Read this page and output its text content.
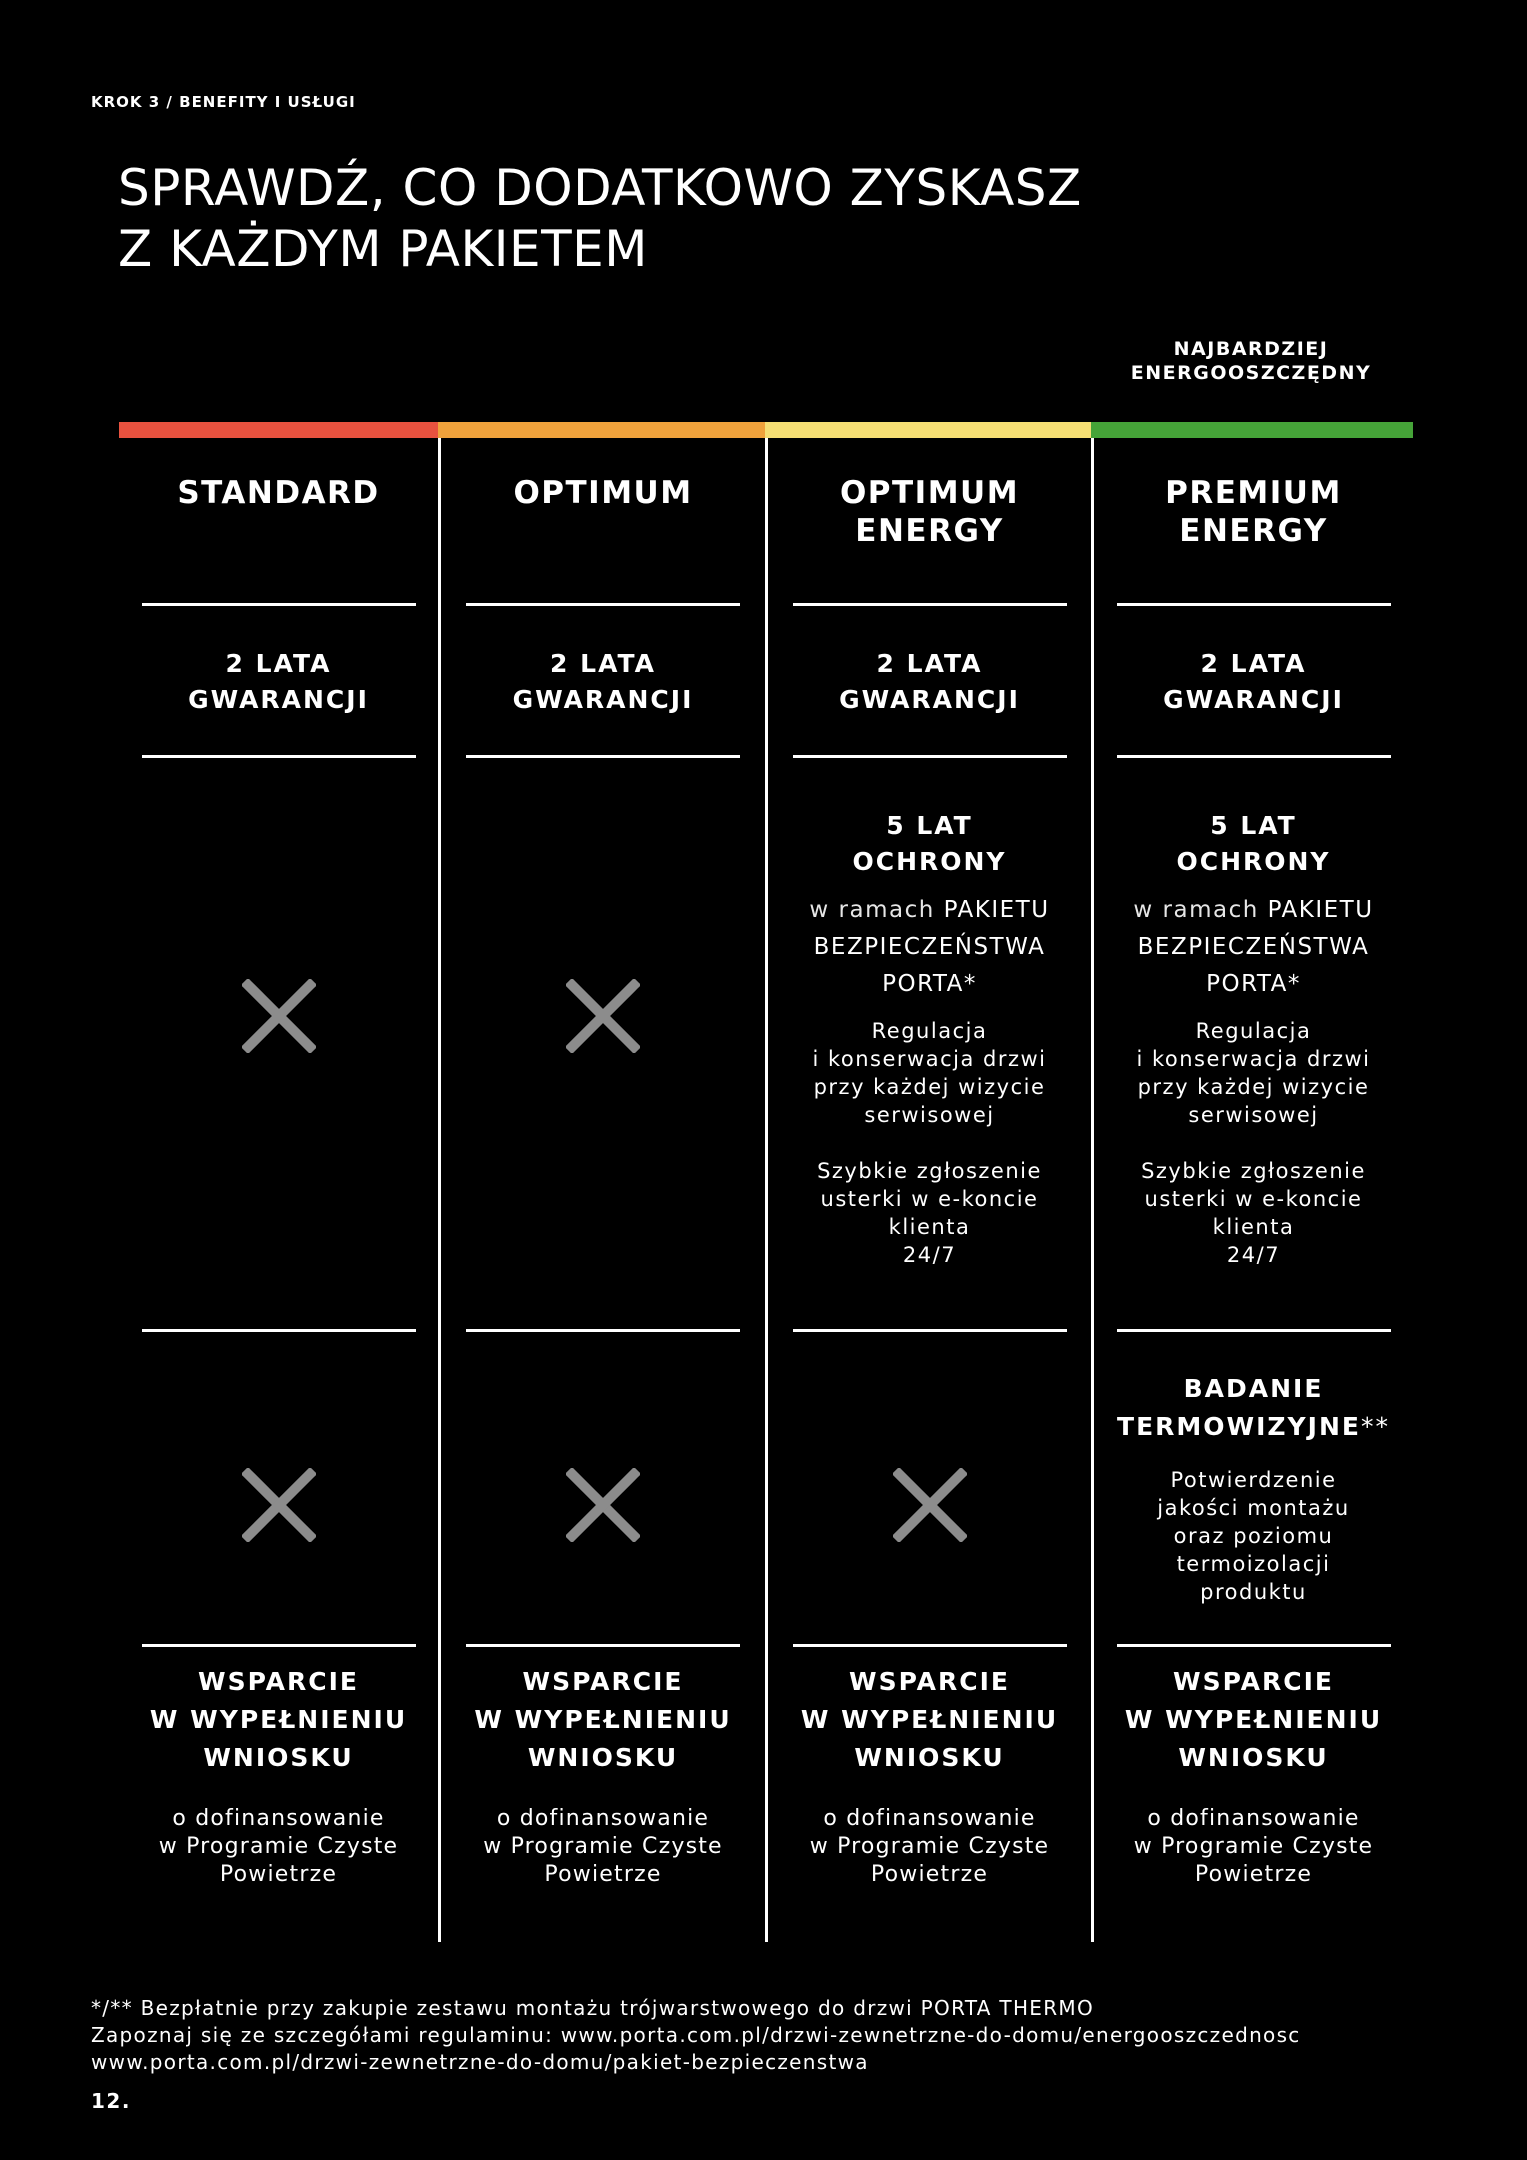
KROK 3 / BENEFITY I USŁUGI
SPRAWDŹ, CO DODATKOWO ZYSKASZ
Z KAŻDYM PAKIETEM
NAJBARDZIEJ
ENERGOOSZCZĘDNY
STANDARD
2 LATA
GWARANCJI
WSPARCIE
W WYPEŁNIENIU
WNIOSKU
o dofinansowanie
w Programie Czyste
Powietrze
OPTIMUM
2 LATA
GWARANCJI
WSPARCIE
W WYPEŁNIENIU
WNIOSKU
o dofinansowanie
w Programie Czyste
Powietrze
OPTIMUM
ENERGY
2 LATA
GWARANCJI
5 LAT
OCHRONY
w ramach PAKIETU
BEZPIECZEŃSTWA
PORTA*
Regulacja
i konserwacja drzwi
przy każdej wizycie
serwisowej
Szybkie zgłoszenie
usterki w e-koncie
klienta
24/7
WSPARCIE
W WYPEŁNIENIU
WNIOSKU
o dofinansowanie
w Programie Czyste
Powietrze
PREMIUM
ENERGY
2 LATA
GWARANCJI
5 LAT
OCHRONY
w ramach PAKIETU
BEZPIECZEŃSTWA
PORTA*
Regulacja
i konserwacja drzwi
przy każdej wizycie
serwisowej
Szybkie zgłoszenie
usterki w e-koncie
klienta
24/7
BADANIE
TERMOWIZYJNE**
Potwierdzenie
jakości montażu
oraz poziomu
termoizolacji
produktu
WSPARCIE
W WYPEŁNIENIU
WNIOSKU
o dofinansowanie
w Programie Czyste
Powietrze
*/** Bezpłatnie przy zakupie zestawu montażu trójwarstwowego do drzwi PORTA THERMO
Zapoznaj się ze szczegółami regulaminu: www.porta.com.pl/drzwi-zewnetrzne-do-domu/energooszczednosc
www.porta.com.pl/drzwi-zewnetrzne-do-domu/pakiet-bezpieczenstwa
12.
